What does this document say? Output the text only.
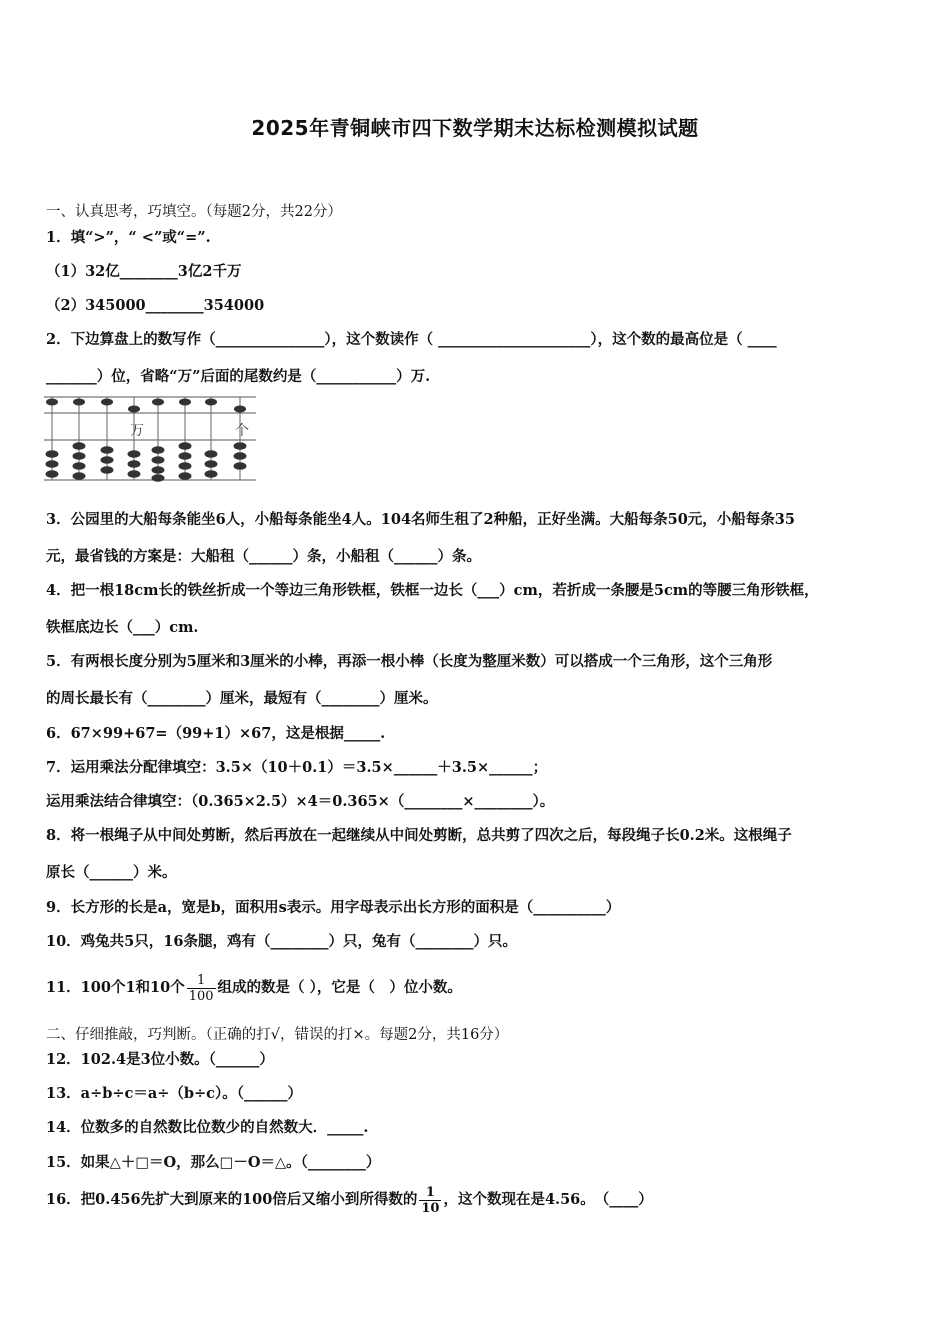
2025年青铜峡市四下数学期末达标检测模拟试题
一、认真思考，巧填空。（每题2分，共22分）
1．填“>”，“ <”或“=”.
（1）32亿________3亿2千万
（2）345000________354000
2．下边算盘上的数写作（_______________），这个数读作（ _____________________），这个数的最高位是（ ____
_______）位，省略“万”后面的尾数约是（___________）万.
万	个
3．公园里的大船每条能坐6人，小船每条能坐4人。104名师生租了2种船，正好坐满。大船每条50元，小船每条35
元，最省钱的方案是：大船租（______）条，小船租（______）条。
4．把一根18cm长的铁丝折成一个等边三角形铁框，铁框一边长（___）cm，若折成一条腰是5cm的等腰三角形铁框，
铁框底边长（___）cm.
5．有两根长度分别为5厘米和3厘米的小棒，再添一根小棒（长度为整厘米数）可以搭成一个三角形，这个三角形
的周长最长有（________）厘米，最短有（________）厘米。
6．67×99+67=（99+1）×67，这是根据_____.
7．运用乘法分配律填空：3.5×（10＋0.1）＝3.5×______＋3.5×______；
运用乘法结合律填空：（0.365×2.5）×4＝0.365×（________×________）。
8．将一根绳子从中间处剪断，然后再放在一起继续从中间处剪断，总共剪了四次之后，每段绳子长0.2米。这根绳子
原长（______）米。
9．长方形的长是a，宽是b，面积用s表示。用字母表示出长方形的面积是（__________）
10．鸡兔共5只，16条腿，鸡有（________）只，兔有（________）只。
11．100个1和10个 $\frac{1}{100}$ 组成的数是（ ），它是（　）位小数。
二、仔细推敲，巧判断。（正确的打√，错误的打×。每题2分，共16分）
12．102.4是3位小数。（______）
13．a÷b÷c＝a÷（b÷c）。（______）
14．位数多的自然数比位数少的自然数大．_____.
15．如果△＋□＝O，那么□－O＝△。（________）
16．把0.456先扩大到原来的100倍后又缩小到所得数的 $\frac{1}{10}$ ，这个数现在是4.56。　（____）
